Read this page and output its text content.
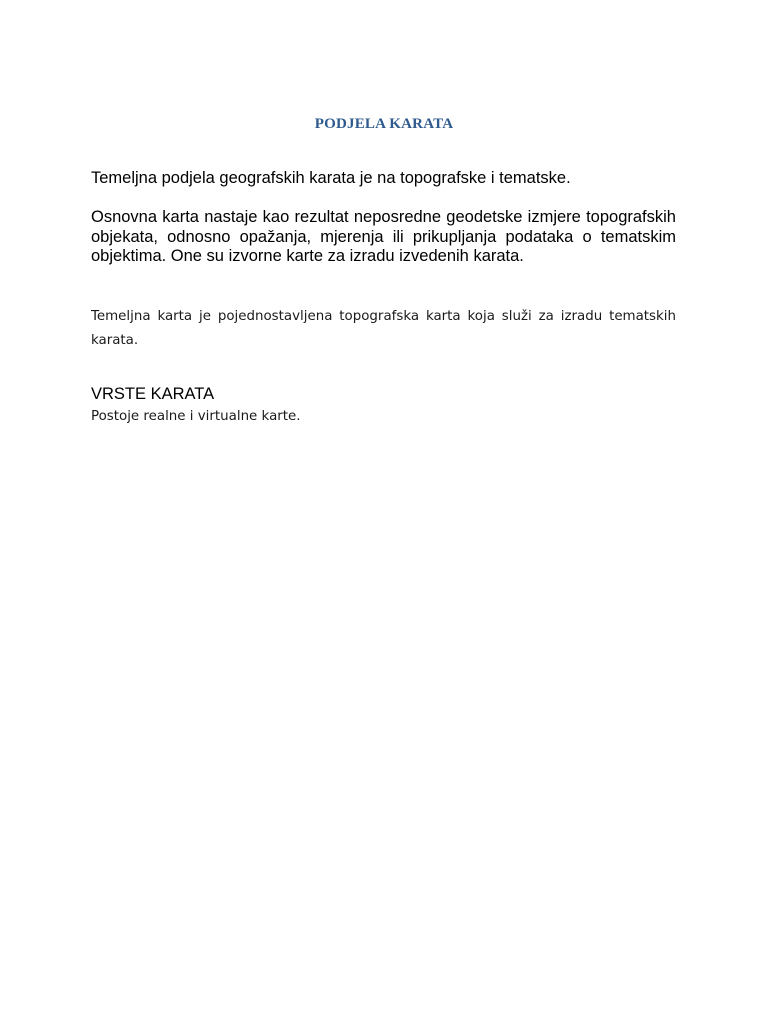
PODJELA KARATA

Temeljna podjela geografskih karata je na topografske i tematske.

Osnovna karta nastaje kao rezultat neposredne geodetske izmjere topografskih objekata, odnosno opažanja, mjerenja ili prikupljanja podataka o tematskim objektima. One su izvorne karte za izradu izvedenih karata.

Temeljna karta je pojednostavljena topografska karta koja služi za izradu tematskih karata.

VRSTE KARATA

Postoje realne i virtualne karte.
